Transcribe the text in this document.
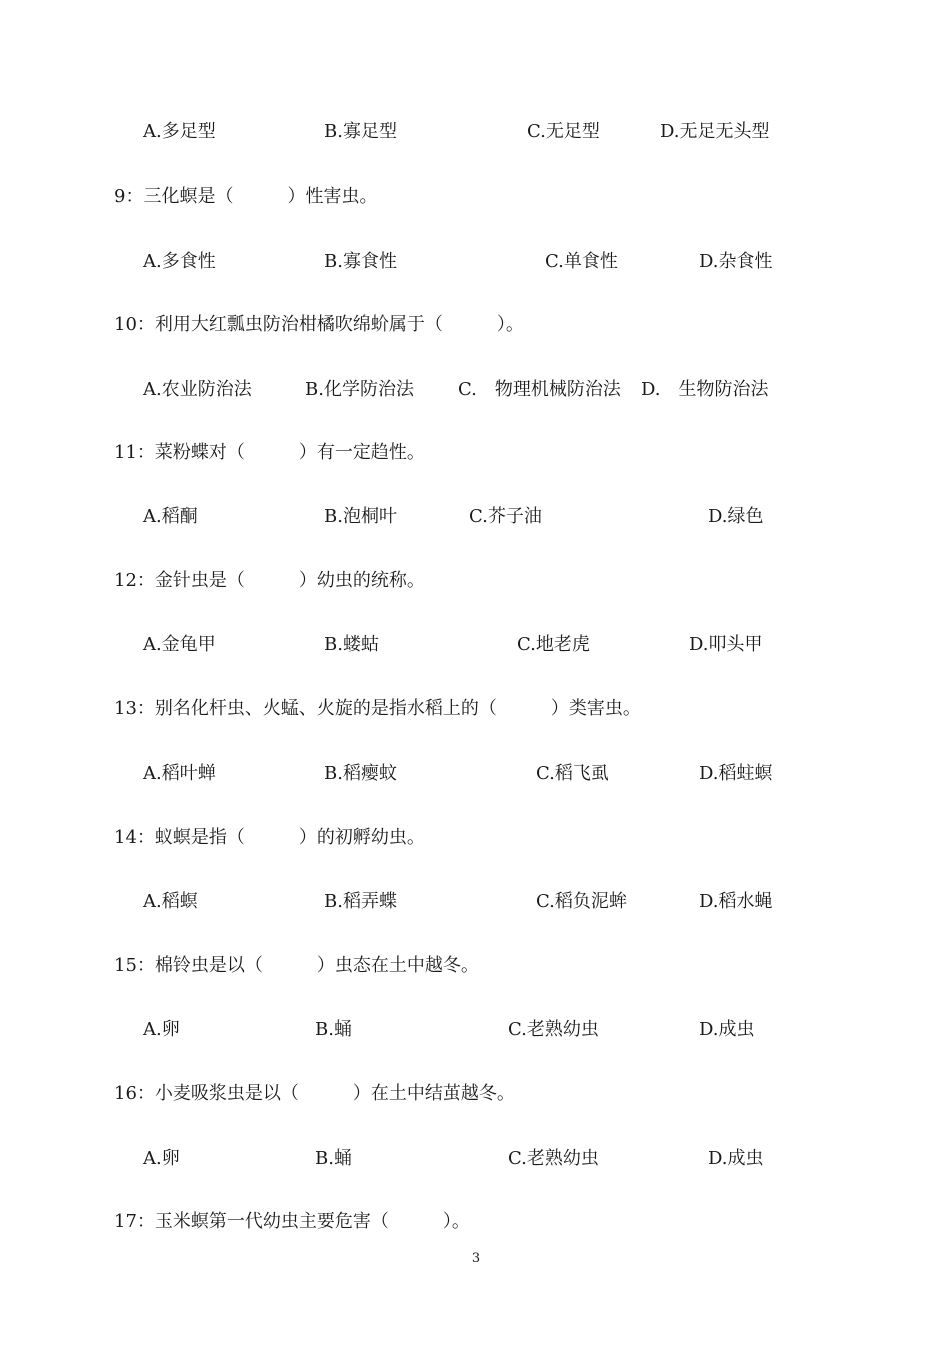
A.多足型	B.寡足型	C.无足型	D.无足无头型
9：三化螟是（　　　）性害虫。
A.多食性	B.寡食性	C.单食性	D.杂食性
10：利用大红瓢虫防治柑橘吹绵蚧属于（　　　）。
A.农业防治法	B.化学防治法 C.　物理机械防治法 D.　生物防治法
11：菜粉蝶对（　　　）有一定趋性。
A.稻酮	B.泡桐叶	C.芥子油	D.绿色
12：金针虫是（　　　）幼虫的统称。
A.金龟甲	B.蝼蛄	C.地老虎	D.叩头甲
13：别名化杆虫、火蜢、火旋的是指水稻上的（　　　）类害虫。
A.稻叶蝉	B.稻瘿蚊	C.稻飞虱	D.稻蛀螟
14：蚁螟是指（　　　）的初孵幼虫。
A.稻螟	B.稻弄蝶	C.稻负泥蛑	D.稻水蝇
15：棉铃虫是以（　　　）虫态在土中越冬。
A.卵	B.蛹	C.老熟幼虫	D.成虫
16：小麦吸浆虫是以（　　　）在土中结茧越冬。
A.卵	B.蛹	C.老熟幼虫	D.成虫
17：玉米螟第一代幼虫主要危害（　　　）。
3
